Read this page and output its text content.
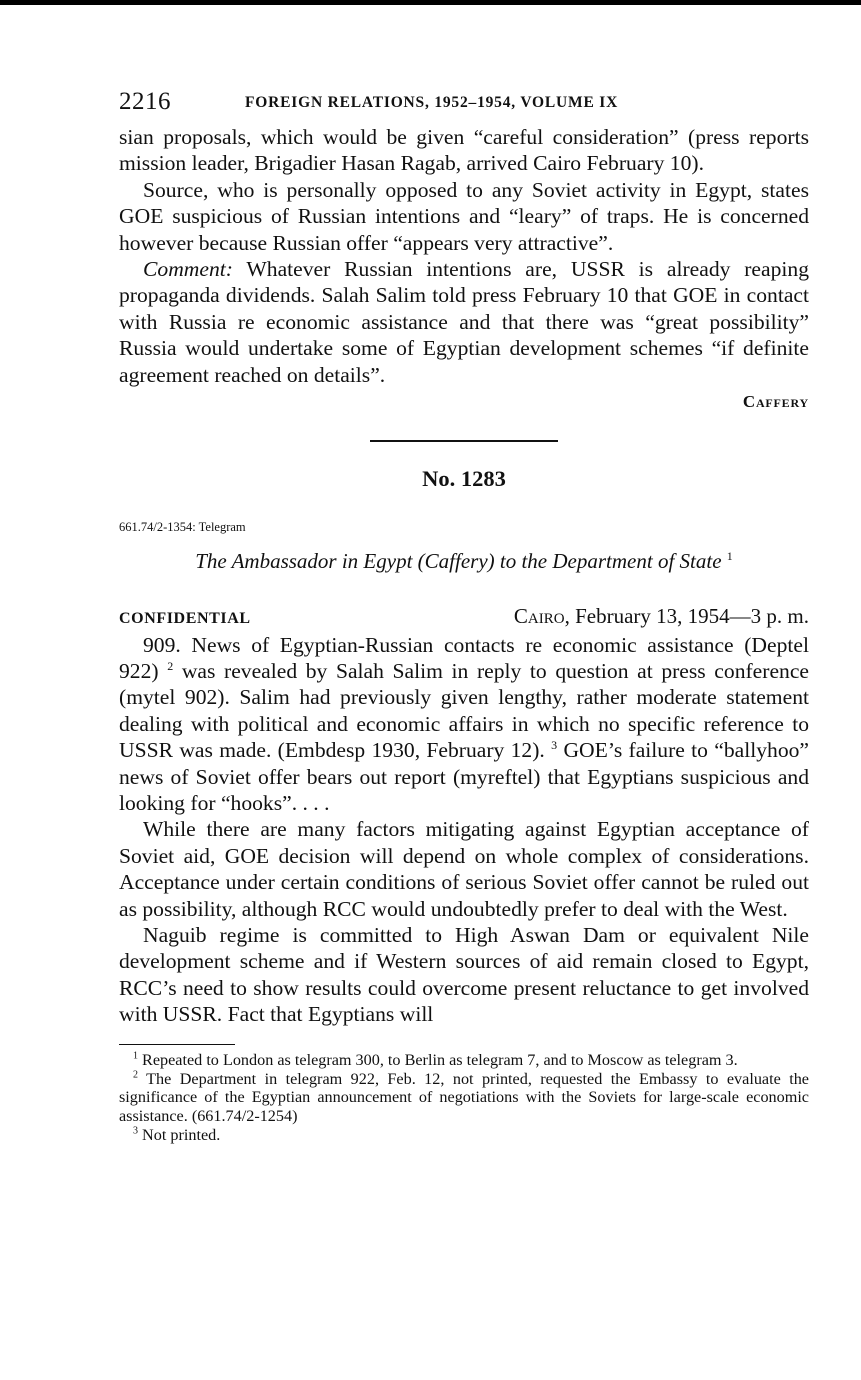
2216	FOREIGN RELATIONS, 1952–1954, VOLUME IX

sian proposals, which would be given “careful consideration” (press reports mission leader, Brigadier Hasan Ragab, arrived Cairo February 10).

Source, who is personally opposed to any Soviet activity in Egypt, states GOE suspicious of Russian intentions and “leary” of traps. He is concerned however because Russian offer “appears very attractive”.

Comment: Whatever Russian intentions are, USSR is already reaping propaganda dividends. Salah Salim told press February 10 that GOE in contact with Russia re economic assistance and that there was “great possibility” Russia would undertake some of Egyptian development schemes “if definite agreement reached on details”.

Caffery
No. 1283
661.74/2-1354: Telegram
The Ambassador in Egypt (Caffery) to the Department of State $^1$
CONFIDENTIAL	Cairo, February 13, 1954—3 p. m.

909. News of Egyptian-Russian contacts re economic assistance (Deptel 922) $^2$ was revealed by Salah Salim in reply to question at press conference (mytel 902). Salim had previously given lengthy, rather moderate statement dealing with political and economic affairs in which no specific reference to USSR was made. (Embdesp 1930, February 12). $^3$ GOE’s failure to “ballyhoo” news of Soviet offer bears out report (myreftel) that Egyptians suspicious and looking for “hooks”. . . .

While there are many factors mitigating against Egyptian acceptance of Soviet aid, GOE decision will depend on whole complex of considerations. Acceptance under certain conditions of serious Soviet offer cannot be ruled out as possibility, although RCC would undoubtedly prefer to deal with the West.

Naguib regime is committed to High Aswan Dam or equivalent Nile development scheme and if Western sources of aid remain closed to Egypt, RCC’s need to show results could overcome present reluctance to get involved with USSR. Fact that Egyptians will

$^1$ Repeated to London as telegram 300, to Berlin as telegram 7, and to Moscow as telegram 3.

$^2$ The Department in telegram 922, Feb. 12, not printed, requested the Embassy to evaluate the significance of the Egyptian announcement of negotiations with the Soviets for large-scale economic assistance. (661.74/2-1254)

$^3$ Not printed.
